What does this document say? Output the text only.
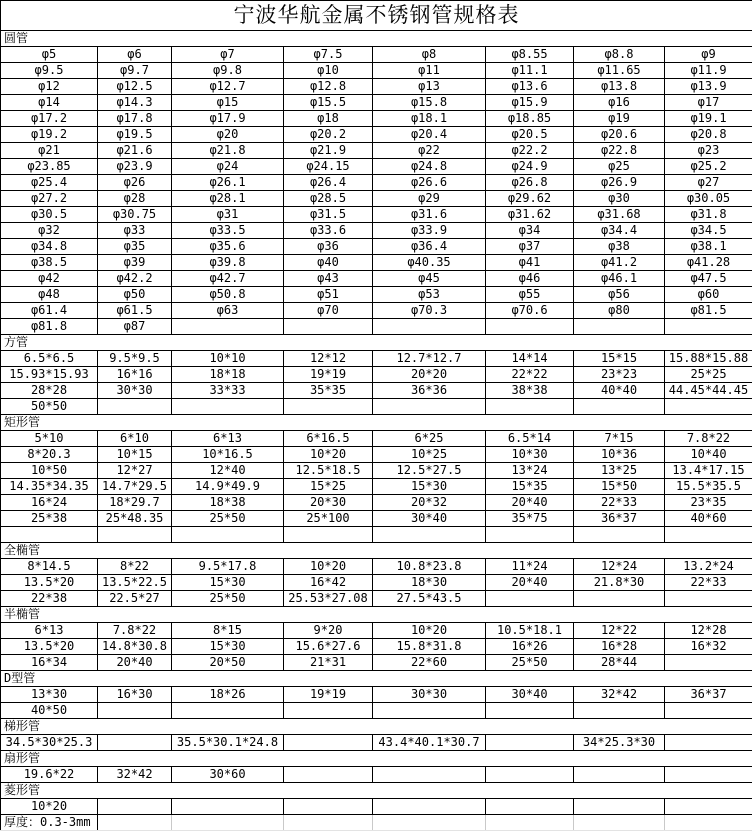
宁波华航金属不锈钢管规格表							
圆管							
φ5	φ6	φ7	φ7.5	φ8	φ8.55	φ8.8	φ9
φ9.5	φ9.7	φ9.8	φ10	φ11	φ11.1	φ11.65	φ11.9
φ12	φ12.5	φ12.7	φ12.8	φ13	φ13.6	φ13.8	φ13.9
φ14	φ14.3	φ15	φ15.5	φ15.8	φ15.9	φ16	φ17
φ17.2	φ17.8	φ17.9	φ18	φ18.1	φ18.85	φ19	φ19.1
φ19.2	φ19.5	φ20	φ20.2	φ20.4	φ20.5	φ20.6	φ20.8
φ21	φ21.6	φ21.8	φ21.9	φ22	φ22.2	φ22.8	φ23
φ23.85	φ23.9	φ24	φ24.15	φ24.8	φ24.9	φ25	φ25.2
φ25.4	φ26	φ26.1	φ26.4	φ26.6	φ26.8	φ26.9	φ27
φ27.2	φ28	φ28.1	φ28.5	φ29	φ29.62	φ30	φ30.05
φ30.5	φ30.75	φ31	φ31.5	φ31.6	φ31.62	φ31.68	φ31.8
φ32	φ33	φ33.5	φ33.6	φ33.9	φ34	φ34.4	φ34.5
φ34.8	φ35	φ35.6	φ36	φ36.4	φ37	φ38	φ38.1
φ38.5	φ39	φ39.8	φ40	φ40.35	φ41	φ41.2	φ41.28
φ42	φ42.2	φ42.7	φ43	φ45	φ46	φ46.1	φ47.5
φ48	φ50	φ50.8	φ51	φ53	φ55	φ56	φ60
φ61.4	φ61.5	φ63	φ70	φ70.3	φ70.6	φ80	φ81.5
φ81.8	φ87						
方管							
6.5*6.5	9.5*9.5	10*10	12*12	12.7*12.7	14*14	15*15	15.88*15.88
15.93*15.93	16*16	18*18	19*19	20*20	22*22	23*23	25*25
28*28	30*30	33*33	35*35	36*36	38*38	40*40	44.45*44.45
50*50							
矩形管							
5*10	6*10	6*13	6*16.5	6*25	6.5*14	7*15	7.8*22
8*20.3	10*15	10*16.5	10*20	10*25	10*30	10*36	10*40
10*50	12*27	12*40	12.5*18.5	12.5*27.5	13*24	13*25	13.4*17.15
14.35*34.35	14.7*29.5	14.9*49.9	15*25	15*30	15*35	15*50	15.5*35.5
16*24	18*29.7	18*38	20*30	20*32	20*40	22*33	23*35
25*38	25*48.35	25*50	25*100	30*40	35*75	36*37	40*60

全椭管							
8*14.5	8*22	9.5*17.8	10*20	10.8*23.8	11*24	12*24	13.2*24
13.5*20	13.5*22.5	15*30	16*42	18*30	20*40	21.8*30	22*33
22*38	22.5*27	25*50	25.53*27.08	27.5*43.5			
半椭管							
6*13	7.8*22	8*15	9*20	10*20	10.5*18.1	12*22	12*28
13.5*20	14.8*30.8	15*30	15.6*27.6	15.8*31.8	16*26	16*28	16*32
16*34	20*40	20*50	21*31	22*60	25*50	28*44	
D型管							
13*30	16*30	18*26	19*19	30*30	30*40	32*42	36*37
40*50							
梯形管							
34.5*30*25.3		35.5*30.1*24.8		43.4*40.1*30.7		34*25.3*30	
扇形管							
19.6*22	32*42	30*60					
菱形管							
10*20							
厚度：0.3-3mm							
